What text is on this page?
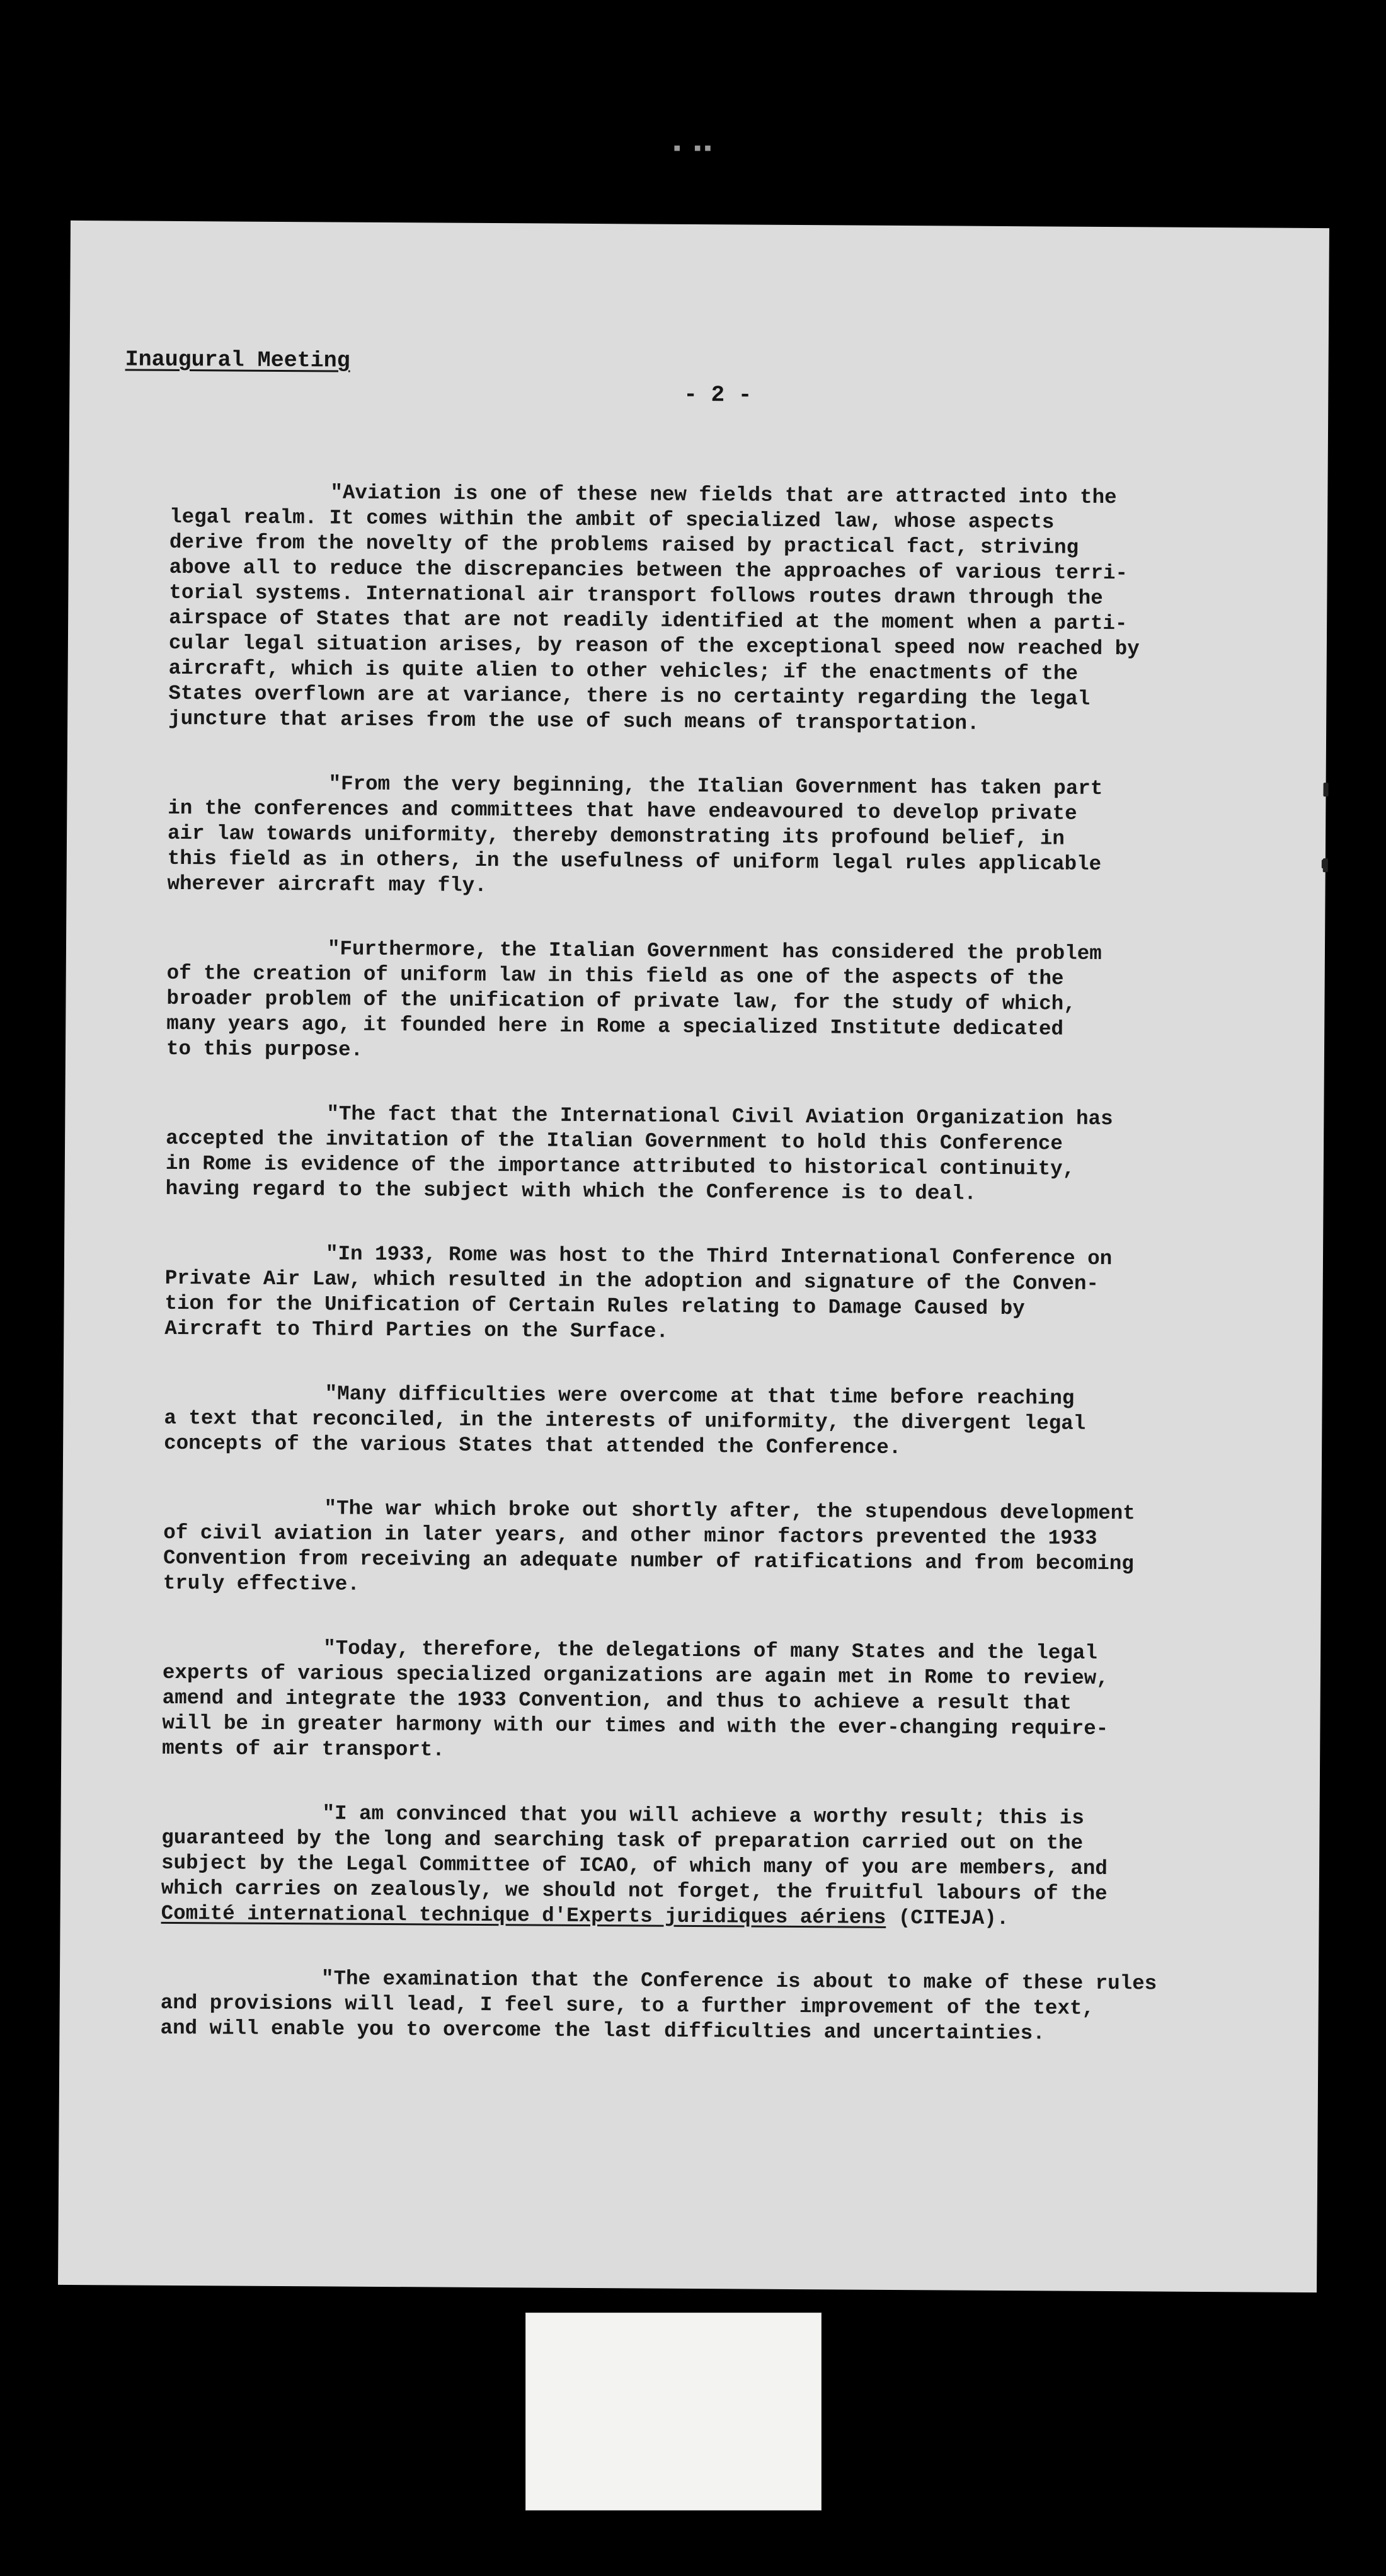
▪ ▪▪
Inaugural Meeting
- 2 -
"Aviation is one of these new fields that are attracted into the
legal realm. It comes within the ambit of specialized law, whose aspects
derive from the novelty of the problems raised by practical fact, striving
above all to reduce the discrepancies between the approaches of various terri-
torial systems. International air transport follows routes drawn through the
airspace of States that are not readily identified at the moment when a parti-
cular legal situation arises, by reason of the exceptional speed now reached by
aircraft, which is quite alien to other vehicles; if the enactments of the
States overflown are at variance, there is no certainty regarding the legal
juncture that arises from the use of such means of transportation.
"From the very beginning, the Italian Government has taken part
in the conferences and committees that have endeavoured to develop private
air law towards uniformity, thereby demonstrating its profound belief, in
this field as in others, in the usefulness of uniform legal rules applicable
wherever aircraft may fly.
"Furthermore, the Italian Government has considered the problem
of the creation of uniform law in this field as one of the aspects of the
broader problem of the unification of private law, for the study of which,
many years ago, it founded here in Rome a specialized Institute dedicated
to this purpose.
"The fact that the International Civil Aviation Organization has
accepted the invitation of the Italian Government to hold this Conference
in Rome is evidence of the importance attributed to historical continuity,
having regard to the subject with which the Conference is to deal.
"In 1933, Rome was host to the Third International Conference on
Private Air Law, which resulted in the adoption and signature of the Conven-
tion for the Unification of Certain Rules relating to Damage Caused by
Aircraft to Third Parties on the Surface.
"Many difficulties were overcome at that time before reaching
a text that reconciled, in the interests of uniformity, the divergent legal
concepts of the various States that attended the Conference.
"The war which broke out shortly after, the stupendous development
of civil aviation in later years, and other minor factors prevented the 1933
Convention from receiving an adequate number of ratifications and from becoming
truly effective.
"Today, therefore, the delegations of many States and the legal
experts of various specialized organizations are again met in Rome to review,
amend and integrate the 1933 Convention, and thus to achieve a result that
will be in greater harmony with our times and with the ever-changing require-
ments of air transport.
"I am convinced that you will achieve a worthy result; this is
guaranteed by the long and searching task of preparation carried out on the
subject by the Legal Committee of ICAO, of which many of you are members, and
which carries on zealously, we should not forget, the fruitful labours of the
Comité international technique d'Experts juridiques aériens (CITEJA).
"The examination that the Conference is about to make of these rules
and provisions will lead, I feel sure, to a further improvement of the text,
and will enable you to overcome the last difficulties and uncertainties.
